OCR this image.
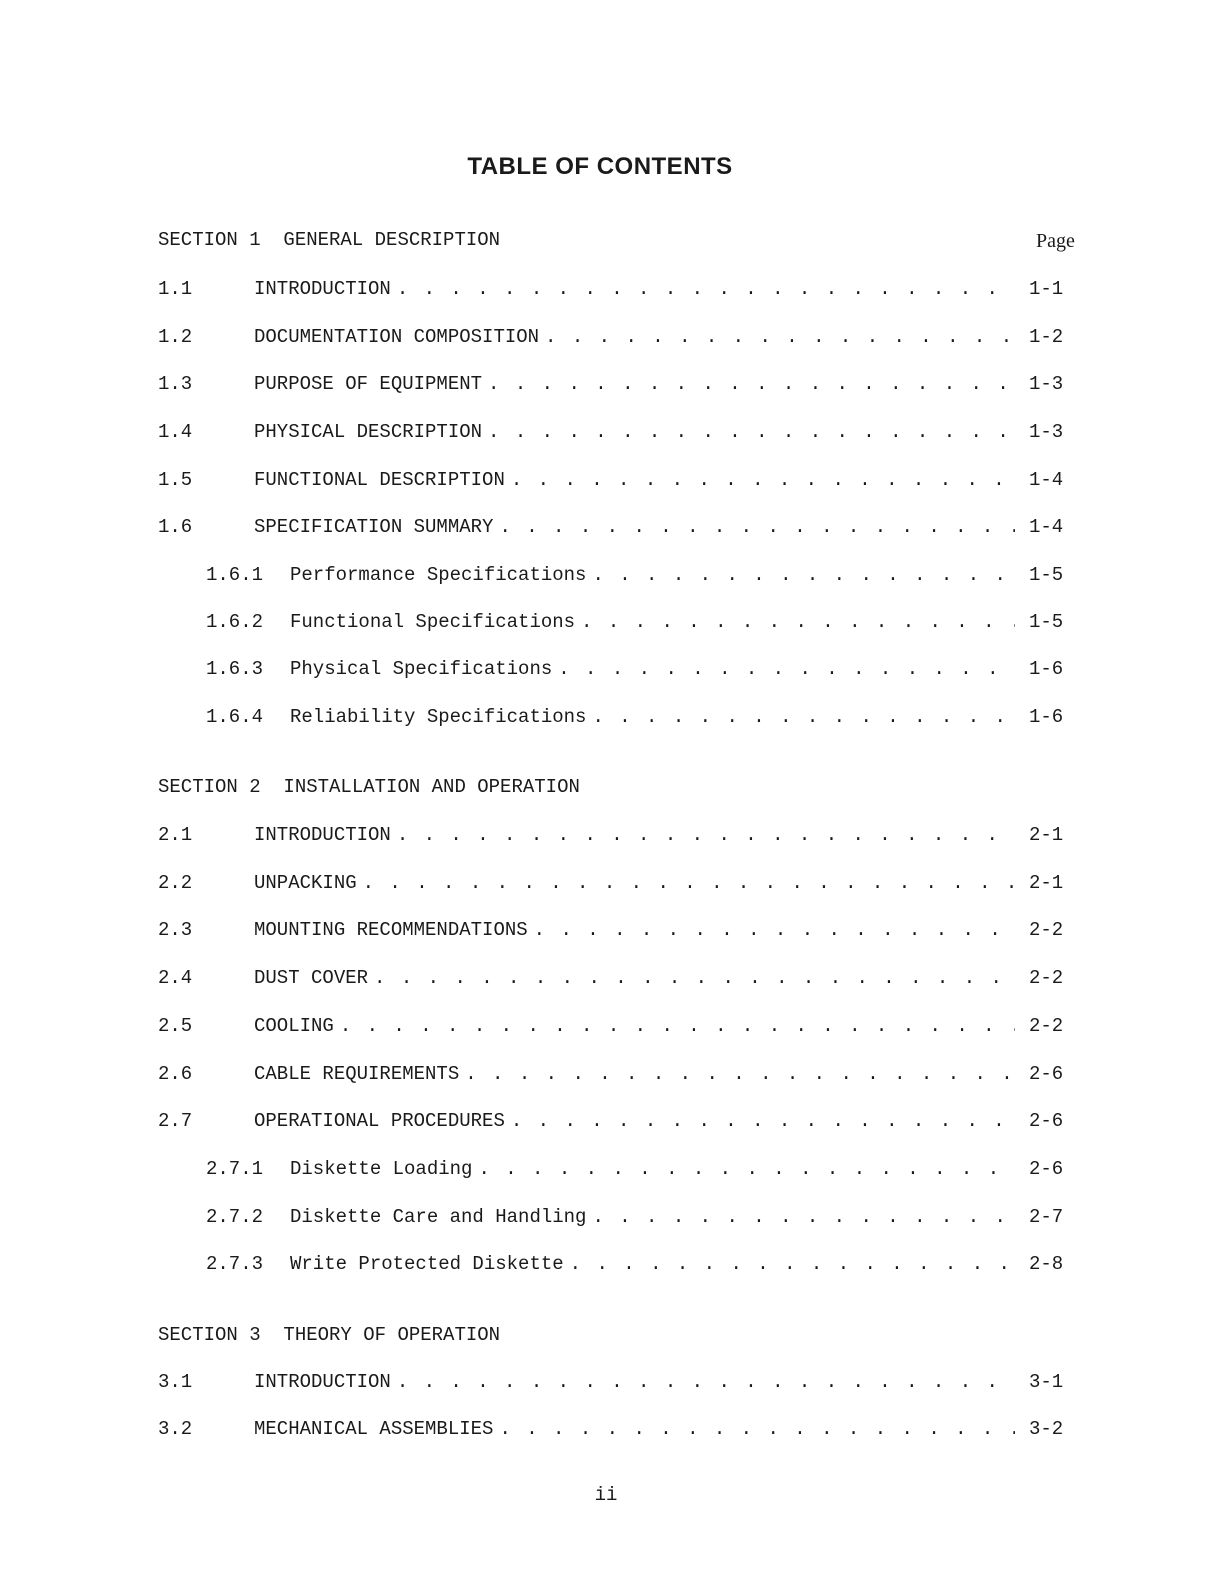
TABLE OF CONTENTS
Page
SECTION 1  GENERAL DESCRIPTION
1.1	INTRODUCTION . . .	1-1
1.2	DOCUMENTATION COMPOSITION . . .	1-2
1.3	PURPOSE OF EQUIPMENT . . .	1-3
1.4	PHYSICAL DESCRIPTION . . .	1-3
1.5	FUNCTIONAL DESCRIPTION . . .	1-4
1.6	SPECIFICATION SUMMARY . . .	1-4
1.6.1	Performance Specifications . . .	1-5
1.6.2	Functional Specifications . . .	1-5
1.6.3	Physical Specifications . . .	1-6
1.6.4	Reliability Specifications . . .	1-6
SECTION 2  INSTALLATION AND OPERATION
2.1	INTRODUCTION . . .	2-1
2.2	UNPACKING . . .	2-1
2.3	MOUNTING RECOMMENDATIONS . . .	2-2
2.4	DUST COVER . . .	2-2
2.5	COOLING . . .	2-2
2.6	CABLE REQUIREMENTS . . .	2-6
2.7	OPERATIONAL PROCEDURES . . .	2-6
2.7.1	Diskette Loading . . .	2-6
2.7.2	Diskette Care and Handling . . .	2-7
2.7.3	Write Protected Diskette . . .	2-8
SECTION 3  THEORY OF OPERATION
3.1	INTRODUCTION . . .	3-1
3.2	MECHANICAL ASSEMBLIES . . .	3-2
ii
